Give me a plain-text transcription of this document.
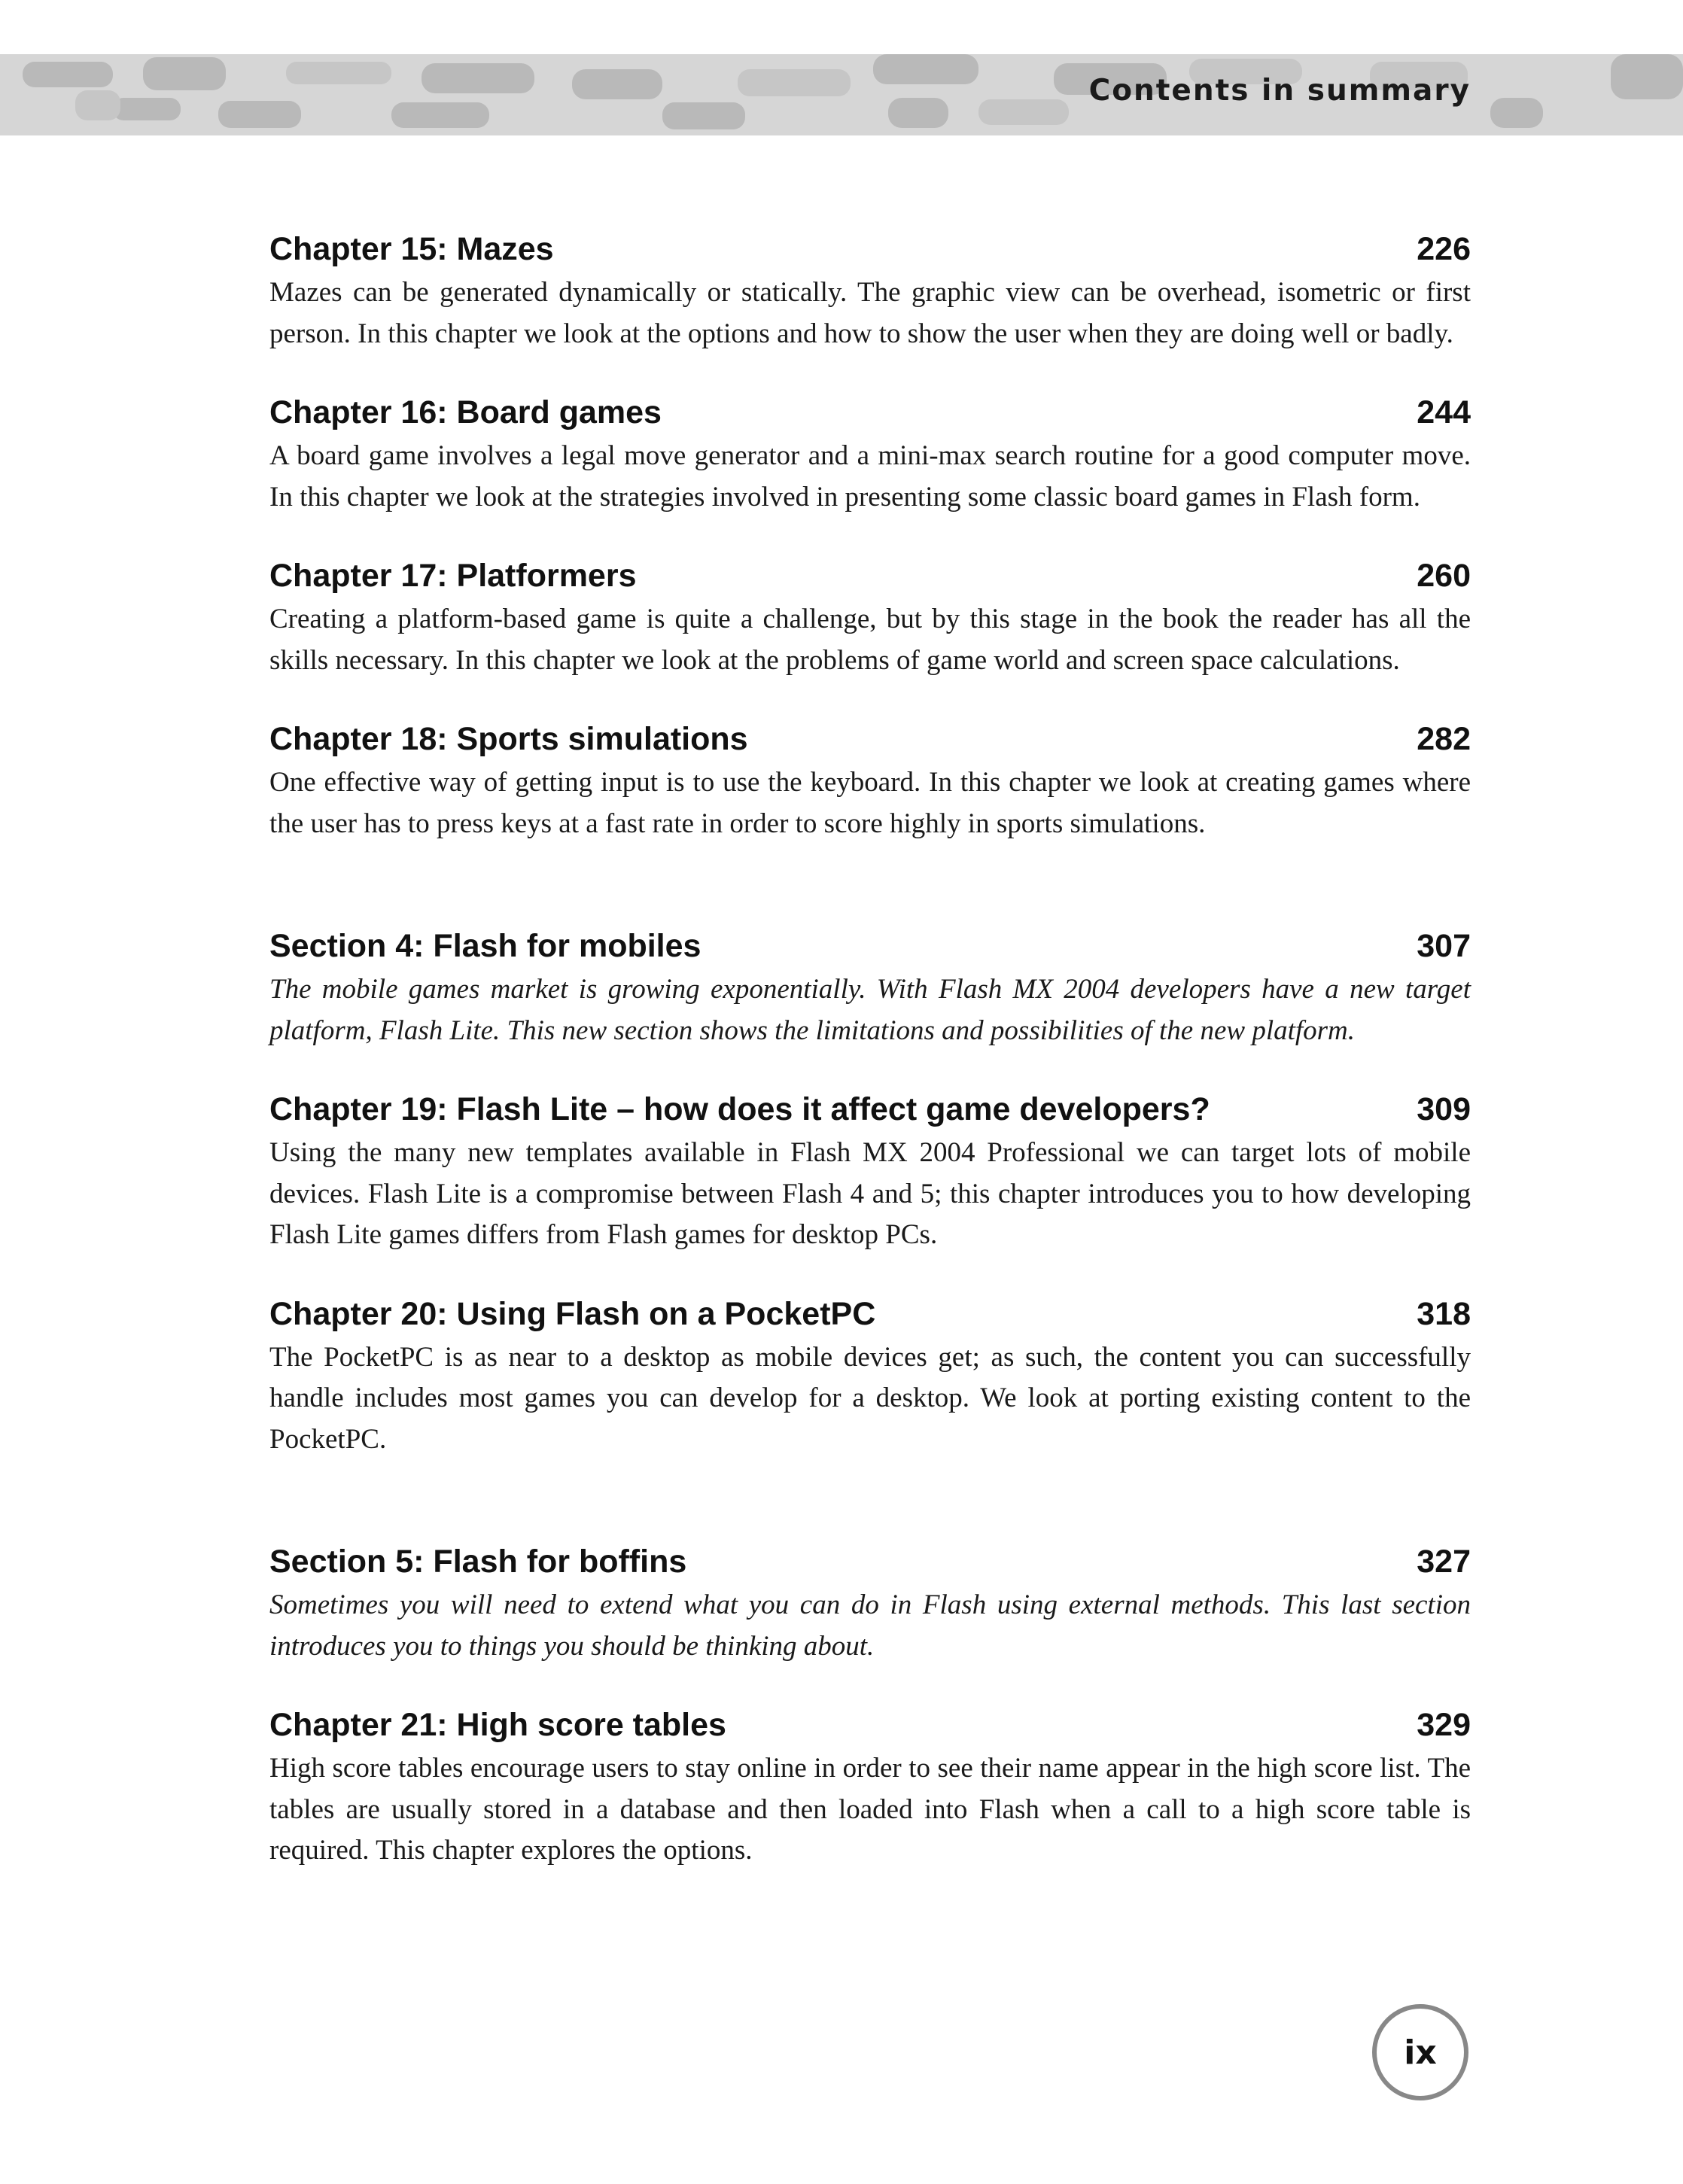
Contents in summary
Chapter 15: Mazes	226

Mazes can be generated dynamically or statically. The graphic view can be overhead, isometric or first person. In this chapter we look at the options and how to show the user when they are doing well or badly.

Chapter 16: Board games	244

A board game involves a legal move generator and a mini-max search routine for a good computer move. In this chapter we look at the strategies involved in presenting some classic board games in Flash form.

Chapter 17: Platformers	260

Creating a platform-based game is quite a challenge, but by this stage in the book the reader has all the skills necessary. In this chapter we look at the problems of game world and screen space calculations.

Chapter 18: Sports simulations	282

One effective way of getting input is to use the keyboard. In this chapter we look at creating games where the user has to press keys at a fast rate in order to score highly in sports simulations.

Section 4: Flash for mobiles	307

The mobile games market is growing exponentially. With Flash MX 2004 developers have a new target platform, Flash Lite. This new section shows the limitations and possibilities of the new platform.

Chapter 19: Flash Lite – how does it affect game developers?	309

Using the many new templates available in Flash MX 2004 Professional we can target lots of mobile devices. Flash Lite is a compromise between Flash 4 and 5; this chapter introduces you to how developing Flash Lite games differs from Flash games for desktop PCs.

Chapter 20: Using Flash on a PocketPC	318

The PocketPC is as near to a desktop as mobile devices get; as such, the content you can successfully handle includes most games you can develop for a desktop. We look at porting existing content to the PocketPC.

Section 5: Flash for boffins	327

Sometimes you will need to extend what you can do in Flash using external methods. This last section introduces you to things you should be thinking about.

Chapter 21: High score tables	329

High score tables encourage users to stay online in order to see their name appear in the high score list. The tables are usually stored in a database and then loaded into Flash when a call to a high score table is required. This chapter explores the options.

ix
